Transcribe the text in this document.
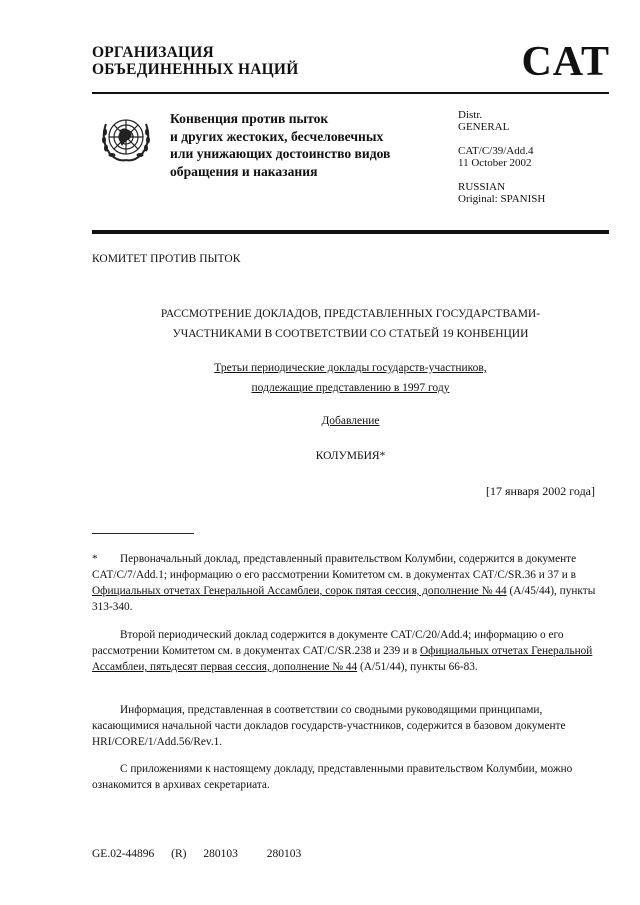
ОРГАНИЗАЦИЯ
ОБЪЕДИНЕННЫХ НАЦИЙ	CAT
Конвенция против пыток
и других жестоких, бесчеловечных
или унижающих достоинство видов
обращения и наказания
Distr.
GENERAL
CAT/C/39/Add.4
11 October 2002
RUSSIAN
Original: SPANISH
КОМИТЕТ ПРОТИВ ПЫТОК
РАССМОТРЕНИЕ ДОКЛАДОВ, ПРЕДСТАВЛЕННЫХ ГОСУДАРСТВАМИ-
УЧАСТНИКАМИ В СООТВЕТСТВИИ СО СТАТЬЕЙ 19 КОНВЕНЦИИ
Третьи периодические доклады государств-участников,
подлежащие представлению в 1997 году
Добавление
КОЛУМБИЯ*
[17 января 2002 года]

* Первоначальный доклад, представленный правительством Колумбии, содержится в документе CAT/C/7/Add.1; информацию о его рассмотрении Комитетом см. в документах CAT/C/SR.36 и 37 и в Официальных отчетах Генеральной Ассамблеи, сорок пятая сессия, дополнение № 44 (A/45/44), пункты 313-340.

Второй периодический доклад содержится в документе CAT/C/20/Add.4; информацию о его рассмотрении Комитетом см. в документах CAT/C/SR.238 и 239 и в Официальных отчетах Генеральной Ассамблеи, пятьдесят первая сессия, дополнение № 44 (A/51/44), пункты 66-83.

Информация, представленная в соответствии со сводными руководящими принципами, касающимися начальной части докладов государств-участников, содержится в базовом документе HRI/CORE/1/Add.56/Rev.1.

С приложениями к настоящему докладу, представленными правительством Колумбии, можно ознакомится в архивах секретариата.

GE.02-44896 (R) 280103	280103
